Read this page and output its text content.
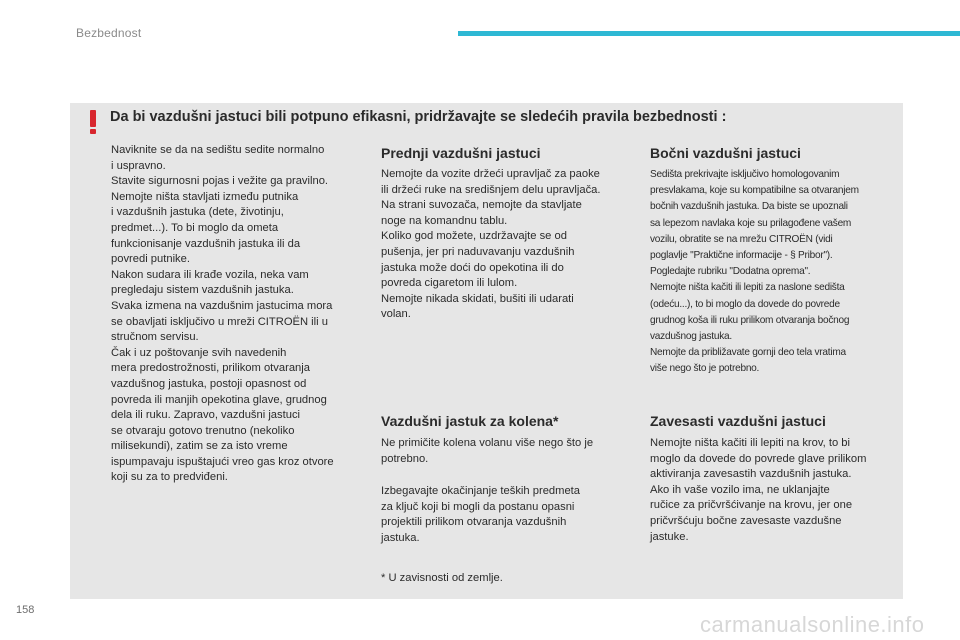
Bezbednost
Da bi vazdušni jastuci bili potpuno efikasni, pridržavajte se sledećih pravila bezbednosti :

Naviknite se da na sedištu sedite normalno

i uspravno.

Stavite sigurnosni pojas i vežite ga pravilno.

Nemojte ništa stavljati između putnika

i vazdušnih jastuka (dete, životinju,

predmet...). To bi moglo da ometa

funkcionisanje vazdušnih jastuka ili da

povredi putnike.

Nakon sudara ili krađe vozila, neka vam

pregledaju sistem vazdušnih jastuka.

Svaka izmena na vazdušnim jastucima mora

se obavljati isključivo u mreži CITROËN ili u

stručnom servisu.

Čak i uz poštovanje svih navedenih

mera predostrožnosti, prilikom otvaranja

vazdušnog jastuka, postoji opasnost od

povreda ili manjih opekotina glave, grudnog

dela ili ruku. Zapravo, vazdušni jastuci

se otvaraju gotovo trenutno (nekoliko

milisekundi), zatim se za isto vreme

ispumpavaju ispuštajući vreo gas kroz otvore

koji su za to predviđeni.

Prednji vazdušni jastuci

Nemojte da vozite držeći upravljač za paoke

ili držeći ruke na središnjem delu upravljača.

Na strani suvozača, nemojte da stavljate

noge na komandnu tablu.

Koliko god možete, uzdržavajte se od

pušenja, jer pri naduvavanju vazdušnih

jastuka može doći do opekotina ili do

povreda cigaretom ili lulom.

Nemojte nikada skidati, bušiti ili udarati

volan.

Bočni vazdušni jastuci

Sedišta prekrivajte isključivo homologovanim

presvlakama, koje su kompatibilne sa otvaranjem

bočnih vazdušnih jastuka. Da biste se upoznali

sa lepezom navlaka koje su prilagođene vašem

vozilu, obratite se na mrežu CITROËN (vidi

poglavlje "Praktične informacije - § Pribor").

Pogledajte rubriku "Dodatna oprema".

Nemojte ništa kačiti ili lepiti za naslone sedišta

(odeću...), to bi moglo da dovede do povrede

grudnog koša ili ruku prilikom otvaranja bočnog

vazdušnog jastuka.

Nemojte da približavate gornji deo tela vratima

više nego što je potrebno.

Vazdušni jastuk za kolena*

Ne primičite kolena volanu više nego što je

potrebno.

Izbegavajte okačinjanje teških predmeta

za ključ koji bi mogli da postanu opasni

projektili prilikom otvaranja vazdušnih

jastuka.

* U zavisnosti od zemlje.
Zavesasti vazdušni jastuci

Nemojte ništa kačiti ili lepiti na krov, to bi

moglo da dovede do povrede glave prilikom

aktiviranja zavesastih vazdušnih jastuka.

Ako ih vaše vozilo ima, ne uklanjajte

ručice za pričvršćivanje na krovu, jer one

pričvršćuju bočne zavesaste vazdušne

jastuke.

158
carmanualsonline.info
